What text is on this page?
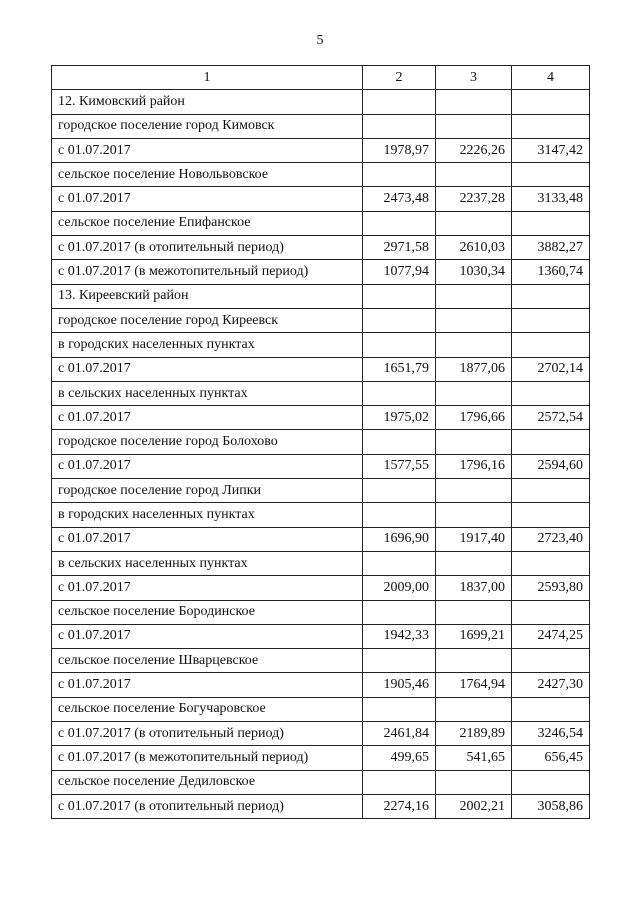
5
1	2	3	4
12. Кимовский район			
городское поселение город Кимовск			
с 01.07.2017	1978,97	2226,26	3147,42
сельское поселение Новольвовское			
с 01.07.2017	2473,48	2237,28	3133,48
сельское поселение Епифанское			
с 01.07.2017 (в отопительный период)	2971,58	2610,03	3882,27
с 01.07.2017 (в межотопительный период)	1077,94	1030,34	1360,74
13. Киреевский район			
городское поселение город Киреевск			
в городских населенных пунктах			
с 01.07.2017	1651,79	1877,06	2702,14
в сельских населенных пунктах			
с 01.07.2017	1975,02	1796,66	2572,54
городское поселение город Болохово			
с 01.07.2017	1577,55	1796,16	2594,60
городское поселение город Липки			
в городских населенных пунктах			
с 01.07.2017	1696,90	1917,40	2723,40
в сельских населенных пунктах			
с 01.07.2017	2009,00	1837,00	2593,80
сельское поселение Бородинское			
с 01.07.2017	1942,33	1699,21	2474,25
сельское поселение Шварцевское			
с 01.07.2017	1905,46	1764,94	2427,30
сельское поселение Богучаровское			
с 01.07.2017 (в отопительный период)	2461,84	2189,89	3246,54
с 01.07.2017 (в межотопительный период)	499,65	541,65	656,45
сельское поселение Дедиловское			
с 01.07.2017 (в отопительный период)	2274,16	2002,21	3058,86
